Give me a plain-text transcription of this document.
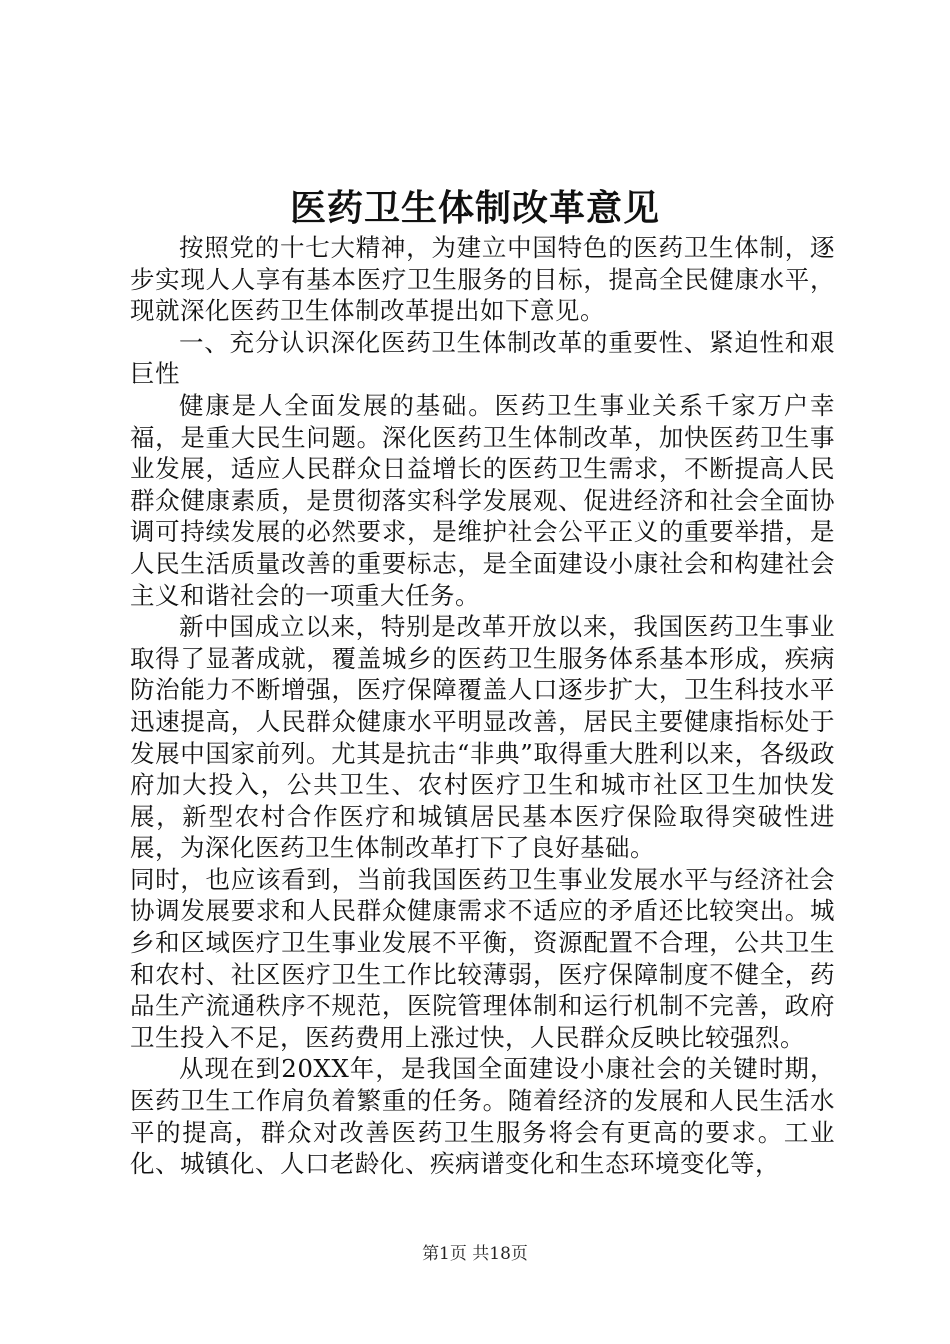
医药卫生体制改革意见

按照党的十七大精神，为建立中国特色的医药卫生体制，逐步实现人人享有基本医疗卫生服务的目标，提高全民健康水平，现就深化医药卫生体制改革提出如下意见。

一、充分认识深化医药卫生体制改革的重要性、紧迫性和艰巨性

健康是人全面发展的基础。医药卫生事业关系千家万户幸福，是重大民生问题。深化医药卫生体制改革，加快医药卫生事业发展，适应人民群众日益增长的医药卫生需求，不断提高人民群众健康素质，是贯彻落实科学发展观、促进经济和社会全面协调可持续发展的必然要求，是维护社会公平正义的重要举措，是人民生活质量改善的重要标志，是全面建设小康社会和构建社会主义和谐社会的一项重大任务。

新中国成立以来，特别是改革开放以来，我国医药卫生事业取得了显著成就，覆盖城乡的医药卫生服务体系基本形成，疾病防治能力不断增强，医疗保障覆盖人口逐步扩大，卫生科技水平迅速提高，人民群众健康水平明显改善，居民主要健康指标处于发展中国家前列。尤其是抗击“非典”取得重大胜利以来，各级政府加大投入，公共卫生、农村医疗卫生和城市社区卫生加快发展，新型农村合作医疗和城镇居民基本医疗保险取得突破性进展，为深化医药卫生体制改革打下了良好基础。

同时，也应该看到，当前我国医药卫生事业发展水平与经济社会协调发展要求和人民群众健康需求不适应的矛盾还比较突出。城乡和区域医疗卫生事业发展不平衡，资源配置不合理，公共卫生和农村、社区医疗卫生工作比较薄弱，医疗保障制度不健全，药品生产流通秩序不规范，医院管理体制和运行机制不完善，政府卫生投入不足，医药费用上涨过快，人民群众反映比较强烈。

从现在到20XX年，是我国全面建设小康社会的关键时期，医药卫生工作肩负着繁重的任务。随着经济的发展和人民生活水平的提高，群众对改善医药卫生服务将会有更高的要求。工业化、城镇化、人口老龄化、疾病谱变化和生态环境变化等，

第1页 共18页
